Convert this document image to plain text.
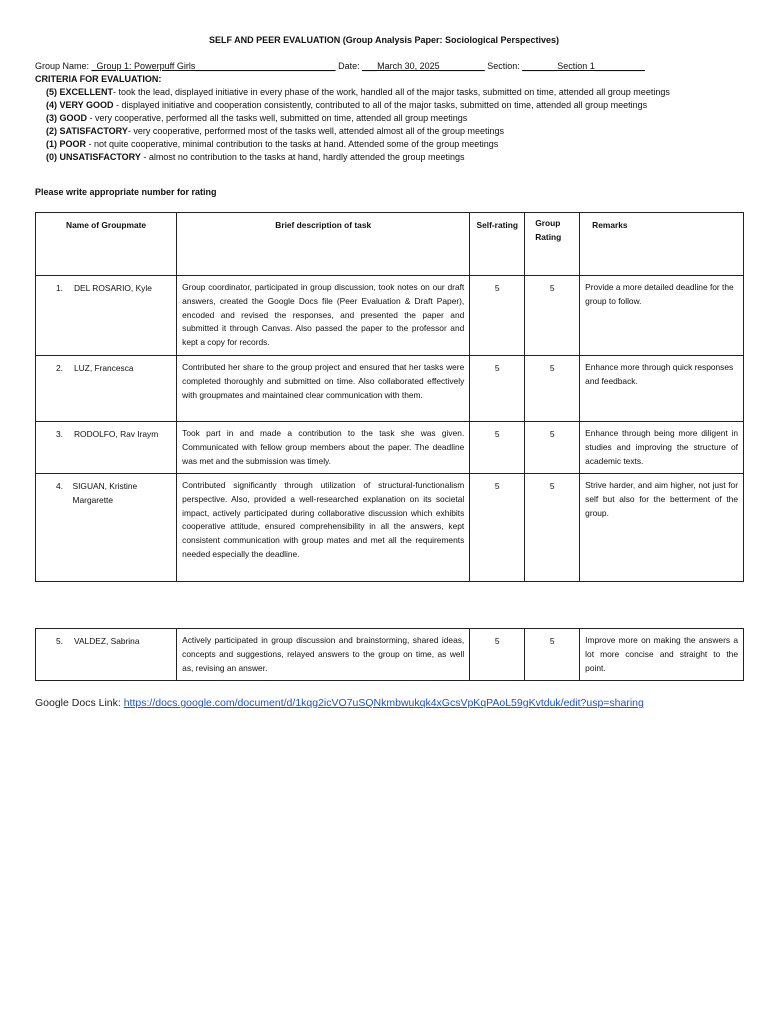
SELF AND PEER EVALUATION (Group Analysis Paper: Sociological Perspectives)
Group Name: _Group 1: Powerpuff Girls____________________________ Date: ___March 30, 2025_________ Section: _______Section 1__________
CRITERIA FOR EVALUATION:
(5) EXCELLENT- took the lead, displayed initiative in every phase of the work, handled all of the major tasks, submitted on time, attended all group meetings
(4) VERY GOOD - displayed initiative and cooperation consistently, contributed to all of the major tasks, submitted on time, attended all group meetings
(3) GOOD - very cooperative, performed all the tasks well, submitted on time, attended all group meetings
(2) SATISFACTORY- very cooperative, performed most of the tasks well, attended almost all of the group meetings
(1) POOR - not quite cooperative, minimal contribution to the tasks at hand. Attended some of the group meetings
(0) UNSATISFACTORY - almost no contribution to the tasks at hand, hardly attended the group meetings
Please write appropriate number for rating
Name of Groupmate	Brief description of task	Self-rating	Group Rating	Remarks
1. DEL ROSARIO, Kyle	Group coordinator, participated in group discussion, took notes on our draft answers, created the Google Docs file (Peer Evaluation & Draft Paper), encoded and revised the responses, and presented the paper and submitted it through Canvas. Also passed the paper to the professor and kept a copy for records.	5	5	Provide a more detailed deadline for the group to follow.
2. LUZ, Francesca	Contributed her share to the group project and ensured that her tasks were completed thoroughly and submitted on time. Also collaborated effectively with groupmates and maintained clear communication with them.	5	5	Enhance more through quick responses and feedback.
3. RODOLFO, Rav Iraym	Took part in and made a contribution to the task she was given. Communicated with fellow group members about the paper. The deadline was met and the submission was timely.	5	5	Enhance through being more diligent in studies and improving the structure of academic texts.

4. SIGUAN, Kristine Margarette	Contributed significantly through utilization of structural-functionalism perspective. Also, provided a well-researched explanation on its societal impact, actively participated during collaborative discussion which exhibits cooperative attitude, ensured comprehensibility in all the answers, kept consistent communication with group mates and met all the requirements needed especially the deadline.	5	5	Strive harder, and aim higher, not just for self but also for the betterment of the group.
5. VALDEZ, Sabrina	Actively participated in group discussion and brainstorming, shared ideas, concepts and suggestions, relayed answers to the group on time, as well as, revising an answer.	5	5	Improve more on making the answers a lot more concise and straight to the point.
Google Docs Link: https://docs.google.com/document/d/1kqg2icVO7uSQNkmbwukqk4xGcsVpKqPAoL59gKvtduk/edit?usp=sharing
